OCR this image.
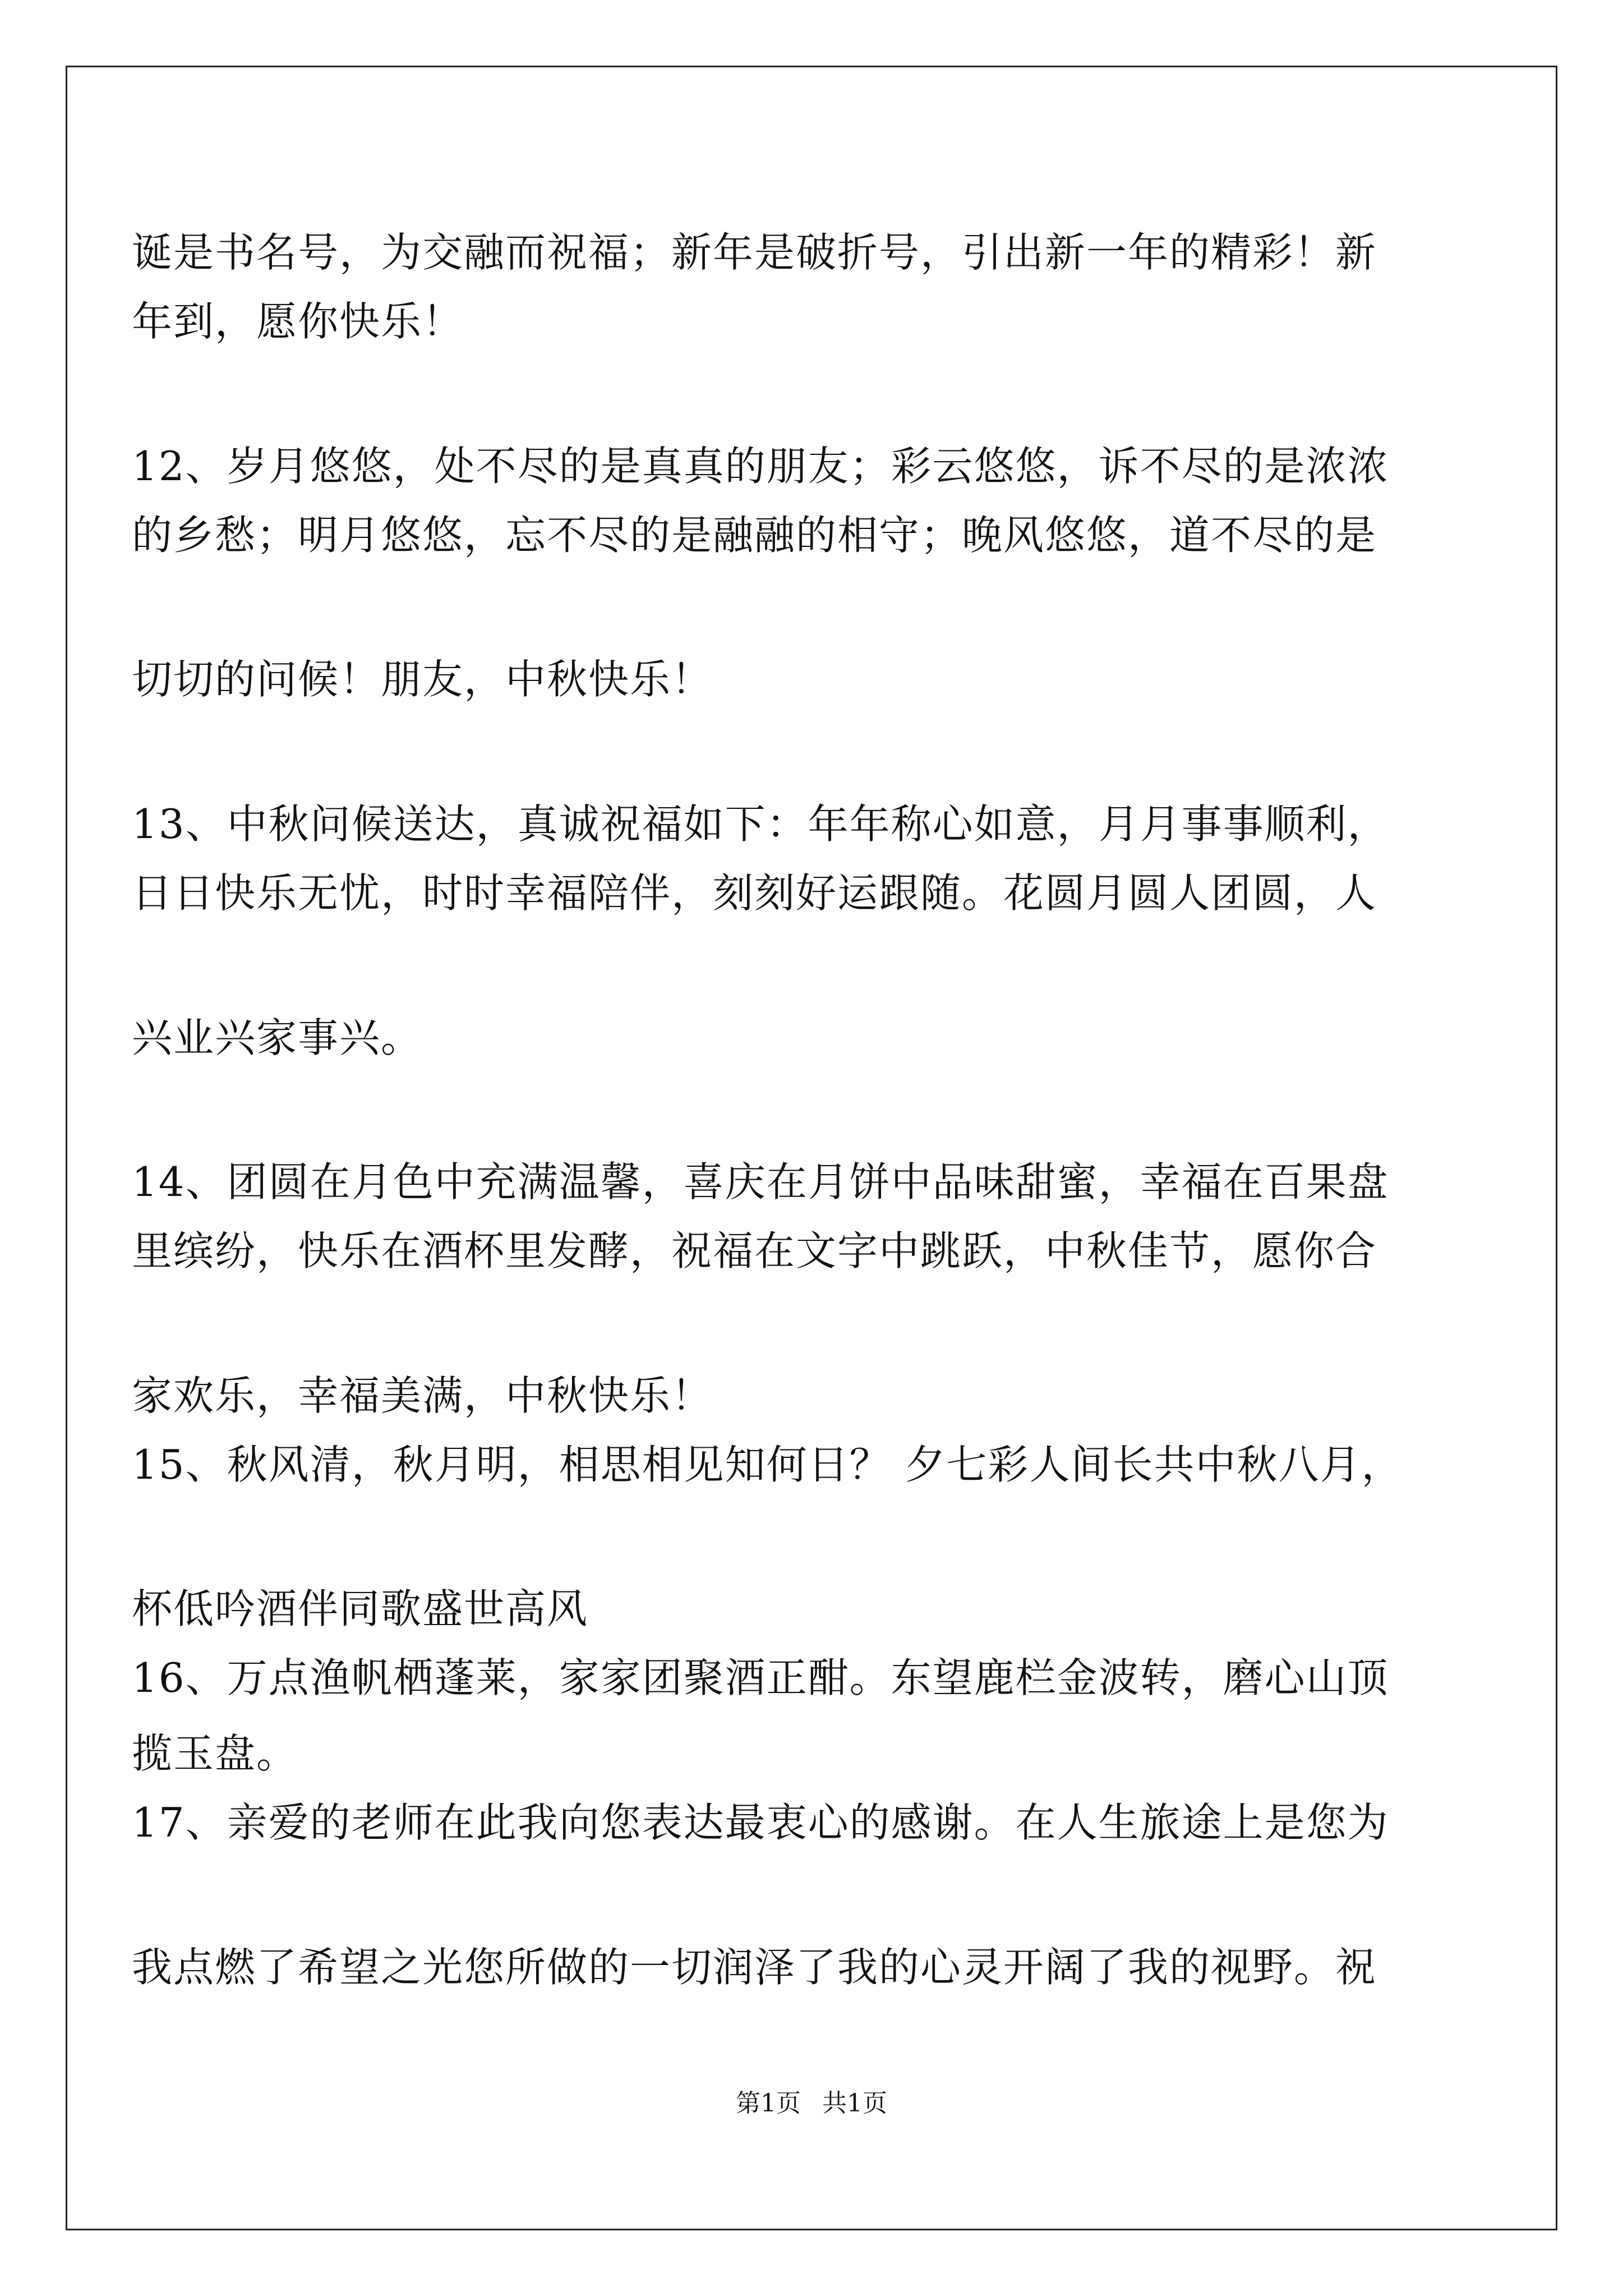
诞是书名号，为交融而祝福；新年是破折号，引出新一年的精彩！新
年到，愿你快乐！
12、岁月悠悠，处不尽的是真真的朋友；彩云悠悠，诉不尽的是浓浓
的乡愁；明月悠悠，忘不尽的是融融的相守；晚风悠悠，道不尽的是
切切的问候！朋友，中秋快乐！
13、中秋问候送达，真诚祝福如下：年年称心如意，月月事事顺利，
日日快乐无忧，时时幸福陪伴，刻刻好运跟随。花圆月圆人团圆，人
兴业兴家事兴。
14、团圆在月色中充满温馨，喜庆在月饼中品味甜蜜，幸福在百果盘
里缤纷，快乐在酒杯里发酵，祝福在文字中跳跃，中秋佳节，愿你合
家欢乐，幸福美满，中秋快乐！
15、秋风清，秋月明，相思相见知何日？ 夕七彩人间长共中秋八月，
杯低吟酒伴同歌盛世高风
16、万点渔帆栖蓬莱，家家团聚酒正酣。东望鹿栏金波转，磨心山顶
揽玉盘。
17、亲爱的老师在此我向您表达最衷心的感谢。在人生旅途上是您为
我点燃了希望之光您所做的一切润泽了我的心灵开阔了我的视野。祝
第1页 共1页
